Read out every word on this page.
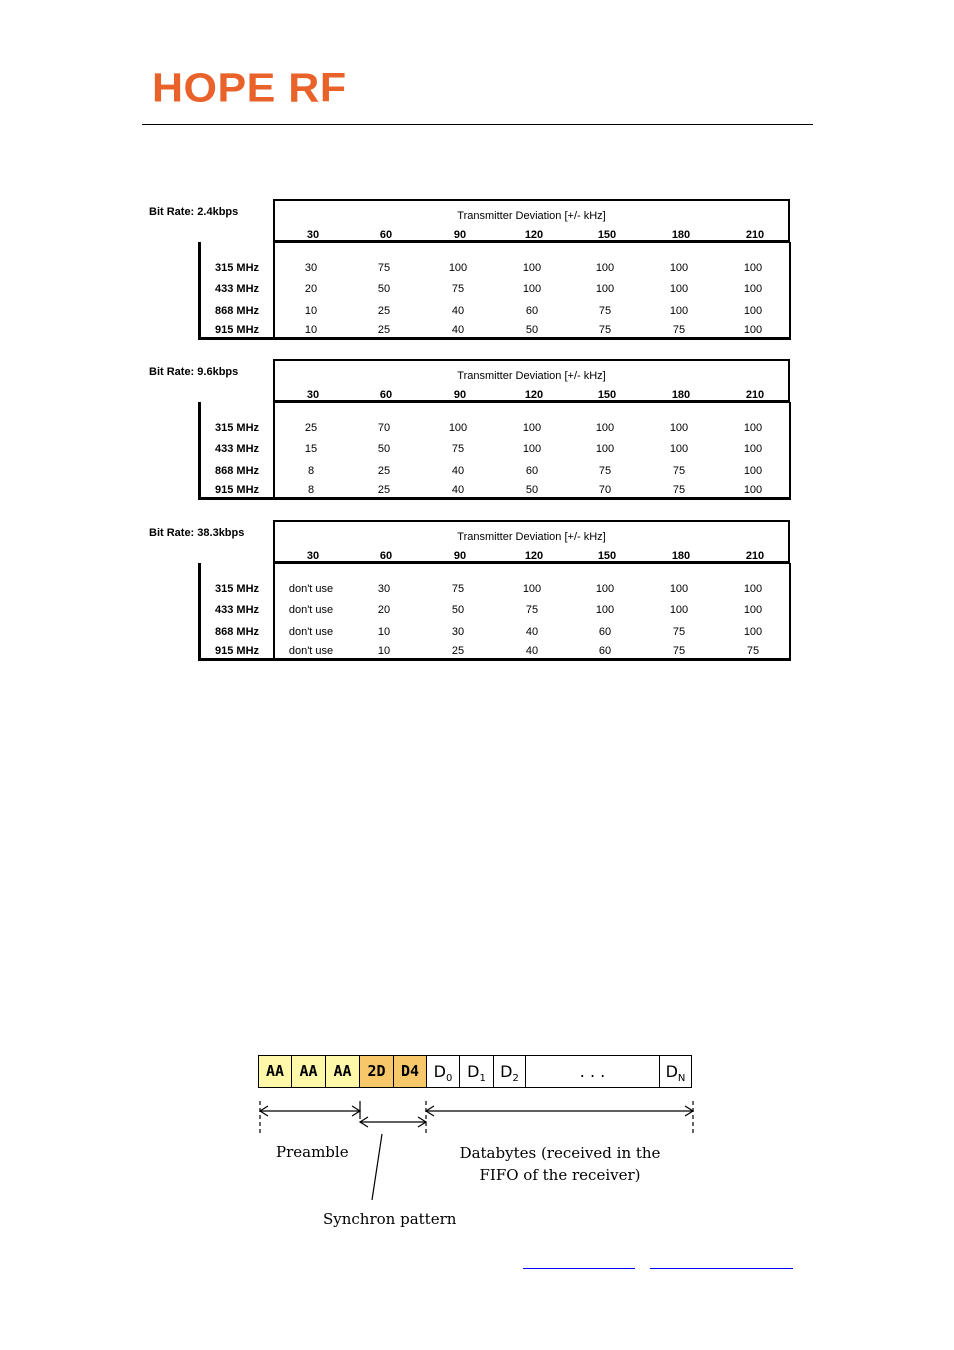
HOPE RF
Bit Rate: 2.4kbps	Transmitter Deviation [+/- kHz]
30	60	90	120	150	180	210
315 MHz	30	75	100	100	100	100	100
433 MHz	20	50	75	100	100	100	100
868 MHz	10	25	40	60	75	100	100
915 MHz	10	25	40	50	75	75	100
Bit Rate: 9.6kbps	Transmitter Deviation [+/- kHz]
30	60	90	120	150	180	210
315 MHz	25	70	100	100	100	100	100
433 MHz	15	50	75	100	100	100	100
868 MHz	8	25	40	60	75	75	100
915 MHz	8	25	40	50	70	75	100
Bit Rate: 38.3kbps	Transmitter Deviation [+/- kHz]
30	60	90	120	150	180	210
315 MHz	don't use	30	75	100	100	100	100
433 MHz	don't use	20	50	75	100	100	100
868 MHz	don't use	10	30	40	60	75	100
915 MHz	don't use	10	25	40	60	75	75
AA	AA	AA	2D	D4 $D_0$ $D_1$ $D_2$	. . .	$D_N$
Preamble
Synchron pattern
Databytes (received in the
FIFO of the receiver)
